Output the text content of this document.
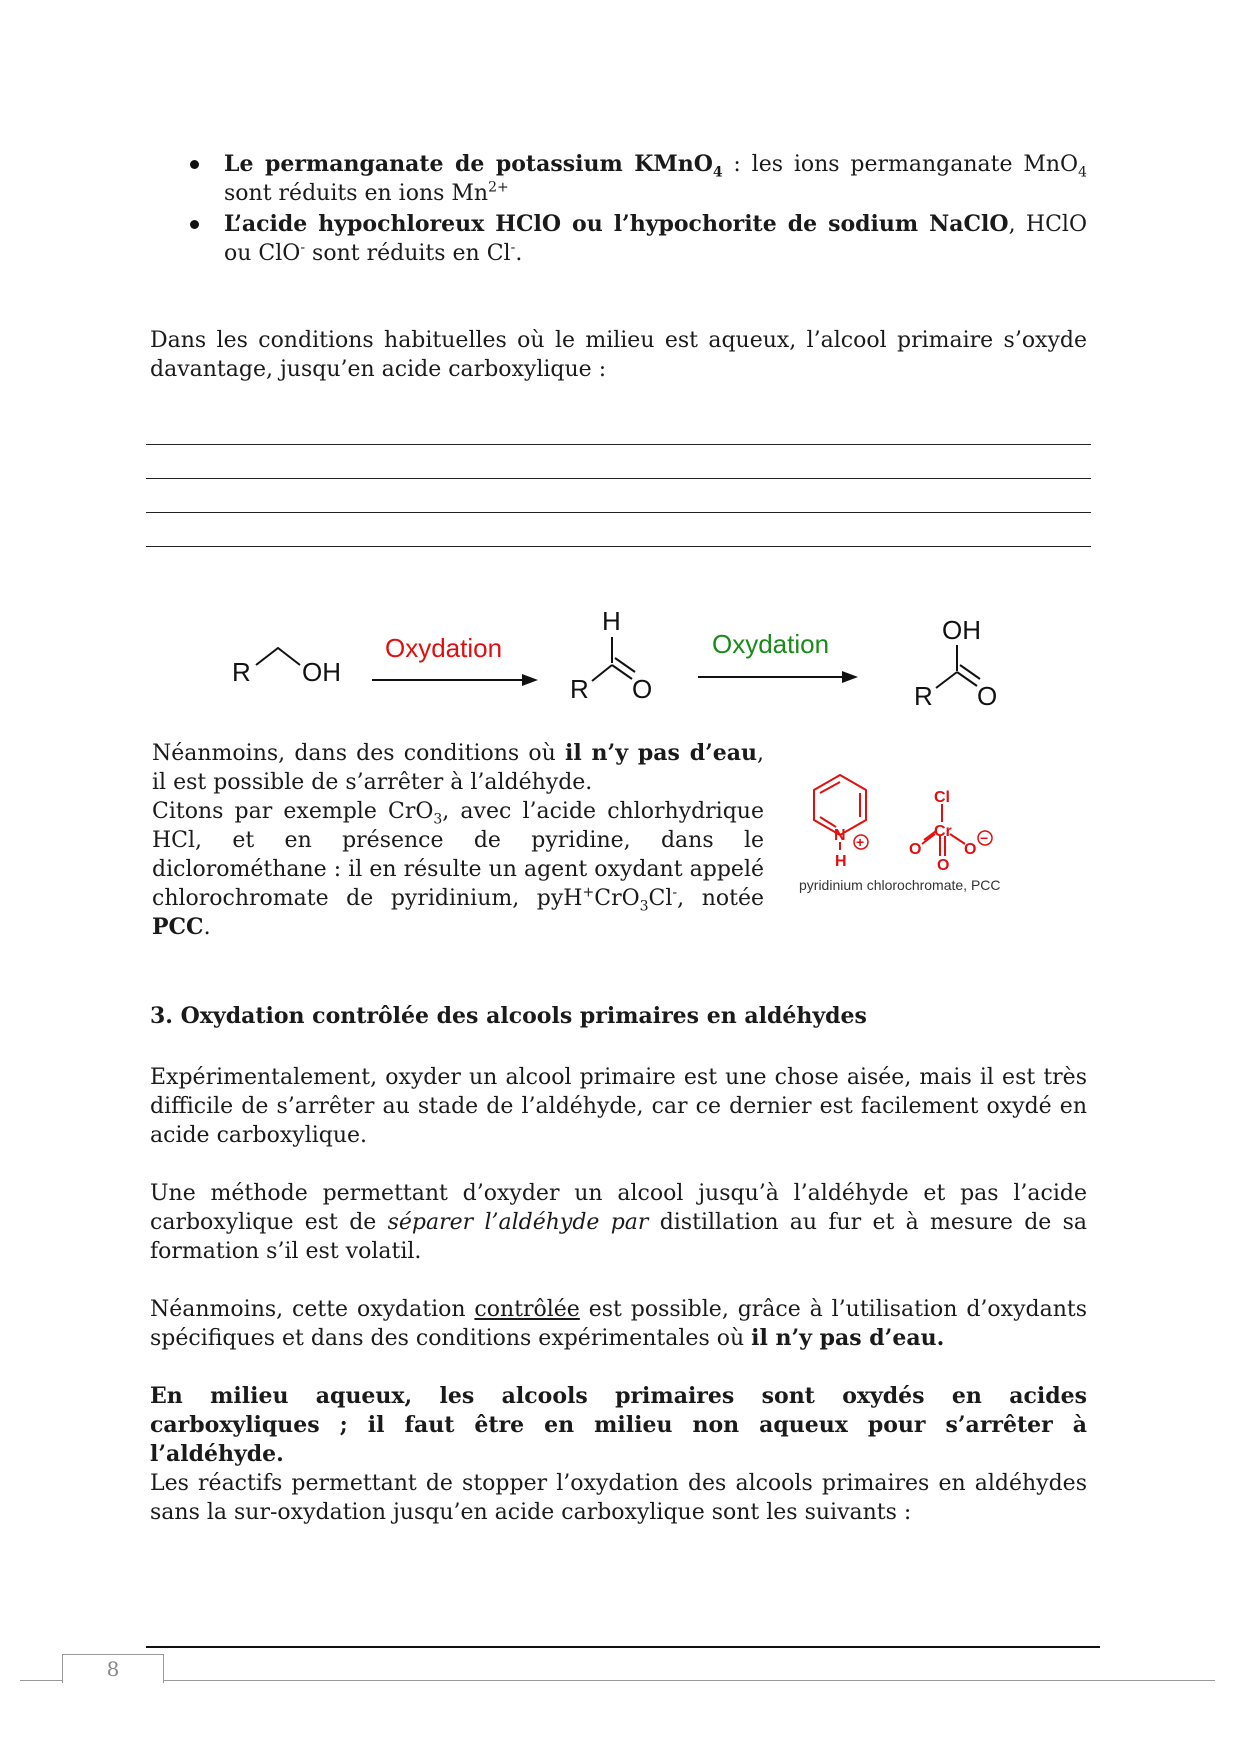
Le permanganate de potassium KMnO$_4$ : les ions permanganate MnO$_4$ sont réduits en ions $Mn^{2+}$

L’acide hypochloreux HClO ou l’hypochorite de sodium NaClO, HClO ou ClO- sont réduits en Cl-.

Dans les conditions habituelles où le milieu est aqueux, l’alcool primaire s’oxyde davantage, jusqu’en acide carboxylique :

R OH
Oxydation
H
R O
Oxydation	OH
R O

Néanmoins, dans des conditions où il n’y pas d’eau, il est possible de s’arrêter à l’aldéhyde.
Citons par exemple CrO$_3$, avec l’acide chlorhydrique HCl, et en présence de pyridine, dans le diclorométhane : il en résulte un agent oxydant appelé chlorochromate de pyridinium, pyH+CrO$_3$Cl-, notée PCC.

N
H
Cl
Cr
O	O
O
+	−
pyridinium chlorochromate, PCC

3. Oxydation contrôlée des alcools primaires en aldéhydes

Expérimentalement, oxyder un alcool primaire est une chose aisée, mais il est très difficile de s’arrêter au stade de l’aldéhyde, car ce dernier est facilement oxydé en acide carboxylique.

Une méthode permettant d’oxyder un alcool jusqu’à l’aldéhyde et pas l’acide carboxylique est de séparer l’aldéhyde par distillation au fur et à mesure de sa formation s’il est volatil.

Néanmoins, cette oxydation contrôlée est possible, grâce à l’utilisation d’oxydants spécifiques et dans des conditions expérimentales où il n’y pas d’eau.

En milieu aqueux, les alcools primaires sont oxydés en acides carboxyliques ; il faut être en milieu non aqueux pour s’arrêter à l’aldéhyde.

Les réactifs permettant de stopper l’oxydation des alcools primaires en aldéhydes sans la sur-oxydation jusqu’en acide carboxylique sont les suivants :

8
